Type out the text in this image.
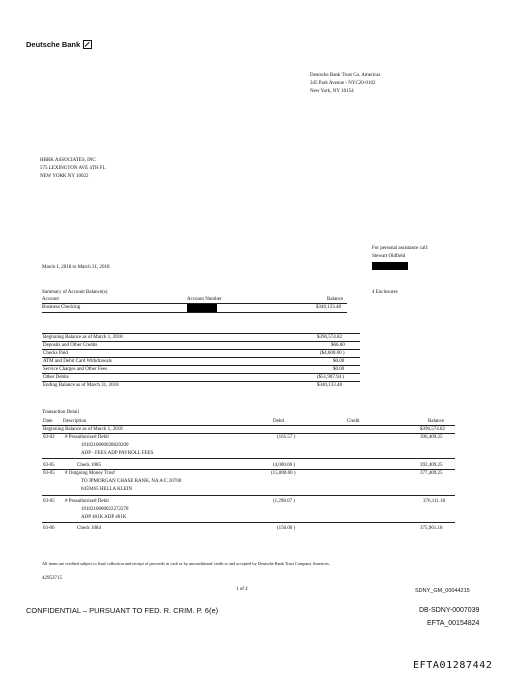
Deutsche Bank
Deutsche Bank Trust Co. Americas
345 Park Avenue - NYC20-0102
New York, NY 10154
HBRK ASSOCIATES, INC
575 LEXINGTON AVE 4TH FL
NEW YORK NY 10022
For personal assistance call:
Stewart Oldfield
March 1, 2018 to March 31, 2018
Summary of Account Balance(s)	4 Enclosures
Account	Account Number	Balance
Business Checking	$340,133.48
Beginning Balance as of March 1, 2018	$396,574.82
Deposits and Other Credits	$66.60
Checks Paid	($4,600.00 )
ATM and Debit Card Withdrawals	$0.00
Service Charges and Other Fees	$0.00
Other Debits	($51,907.94 )
Ending Balance as of March 31, 2018	$340,133.48
Transaction Detail
Date Description	Debit	Credit	Balance
Beginning Balance as of March 1, 2018	$396,574.82
03-02 # Preauthorized Debit	(165.57 )	396,409.25
1010210000028820200
ADP - FEES ADP PAYROLL FEES
03-05	Check 1085	(4,000.00 )	392,409.25
03-05 # Outgoing Money Trnsf	(15,000.00 )	377,409.25
TO JPMORGAN CHASE BANK, NA A/C 20700
0459465 HELLA KLEIN
03-05 # Preauthorized Debit	(1,298.07 )	376,111.18
1010210000022272278
ADP 401K ADP 401K
03-06	Check 1084	(150.00 )	375,961.18
All items are credited subject to final collection and receipt of proceeds in cash or by unconditional credit to and accepted by Deutsche Bank Trust Company Americas.
42953715
1 of 4	SDNY_GM_00044215
CONFIDENTIAL – PURSUANT TO FED. R. CRIM. P. 6(e)	DB-SDNY-0007039
EFTA_00154824
EFTA01287442
